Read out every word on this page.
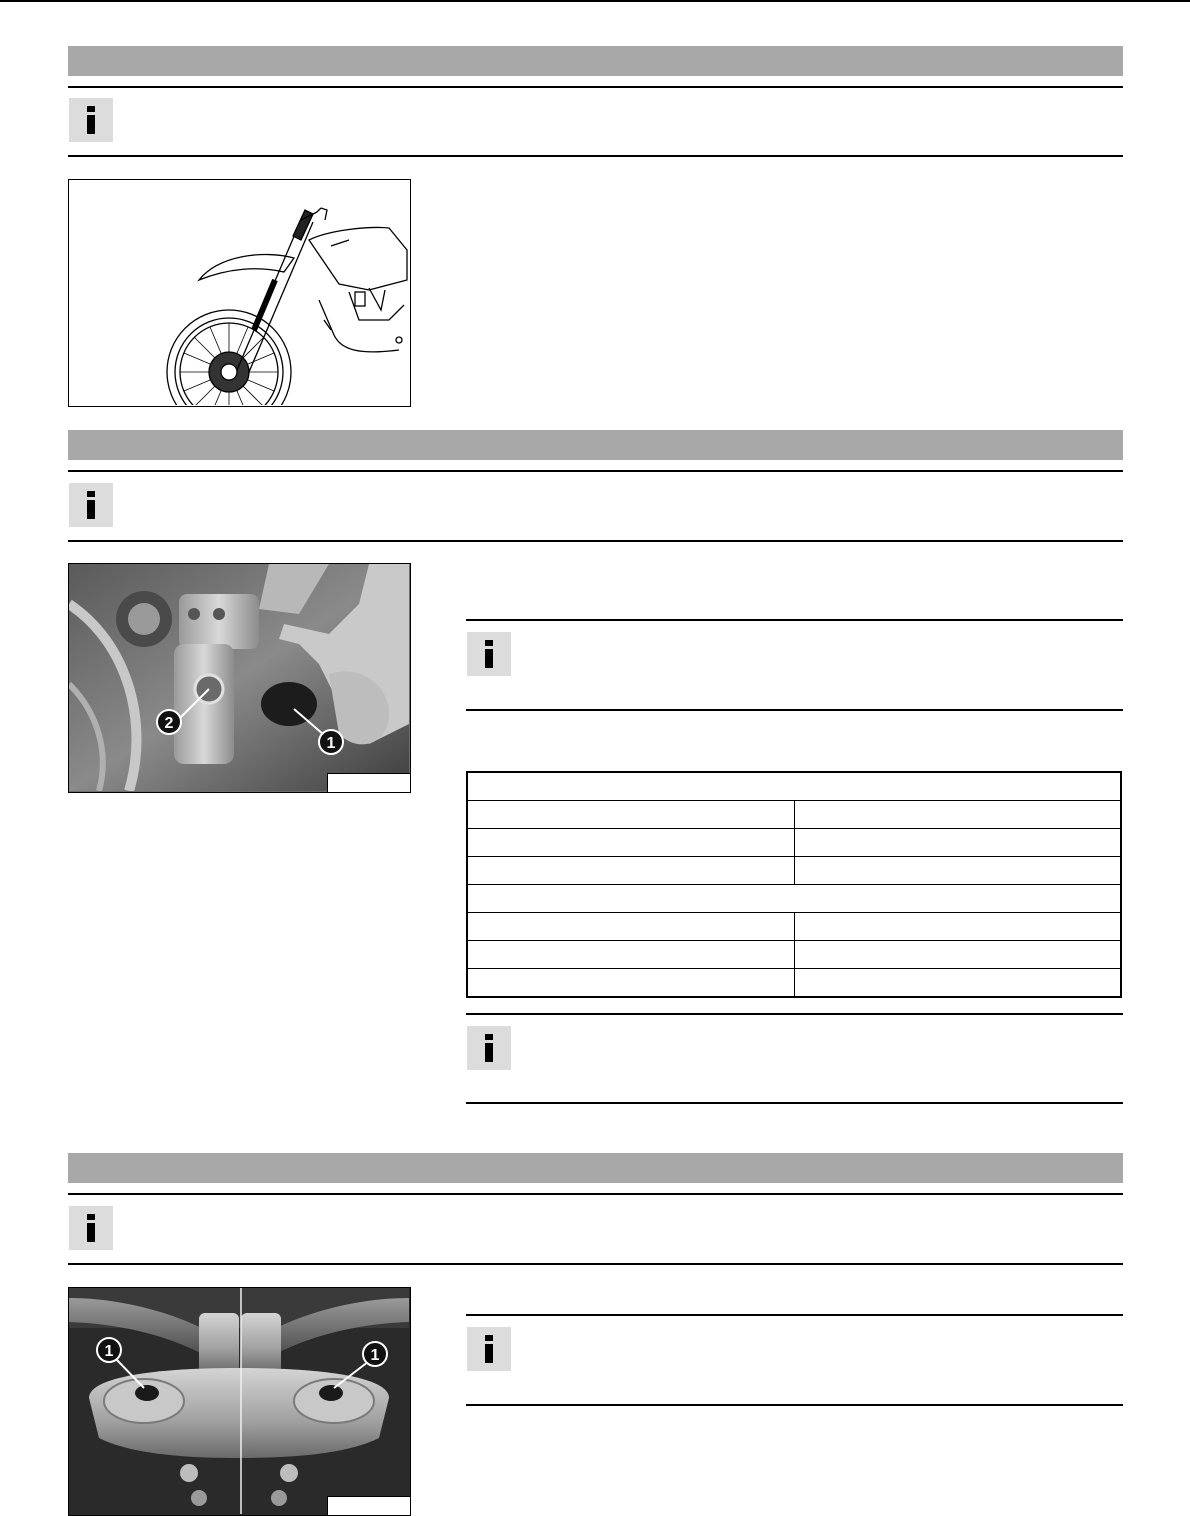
2
1

1	1
